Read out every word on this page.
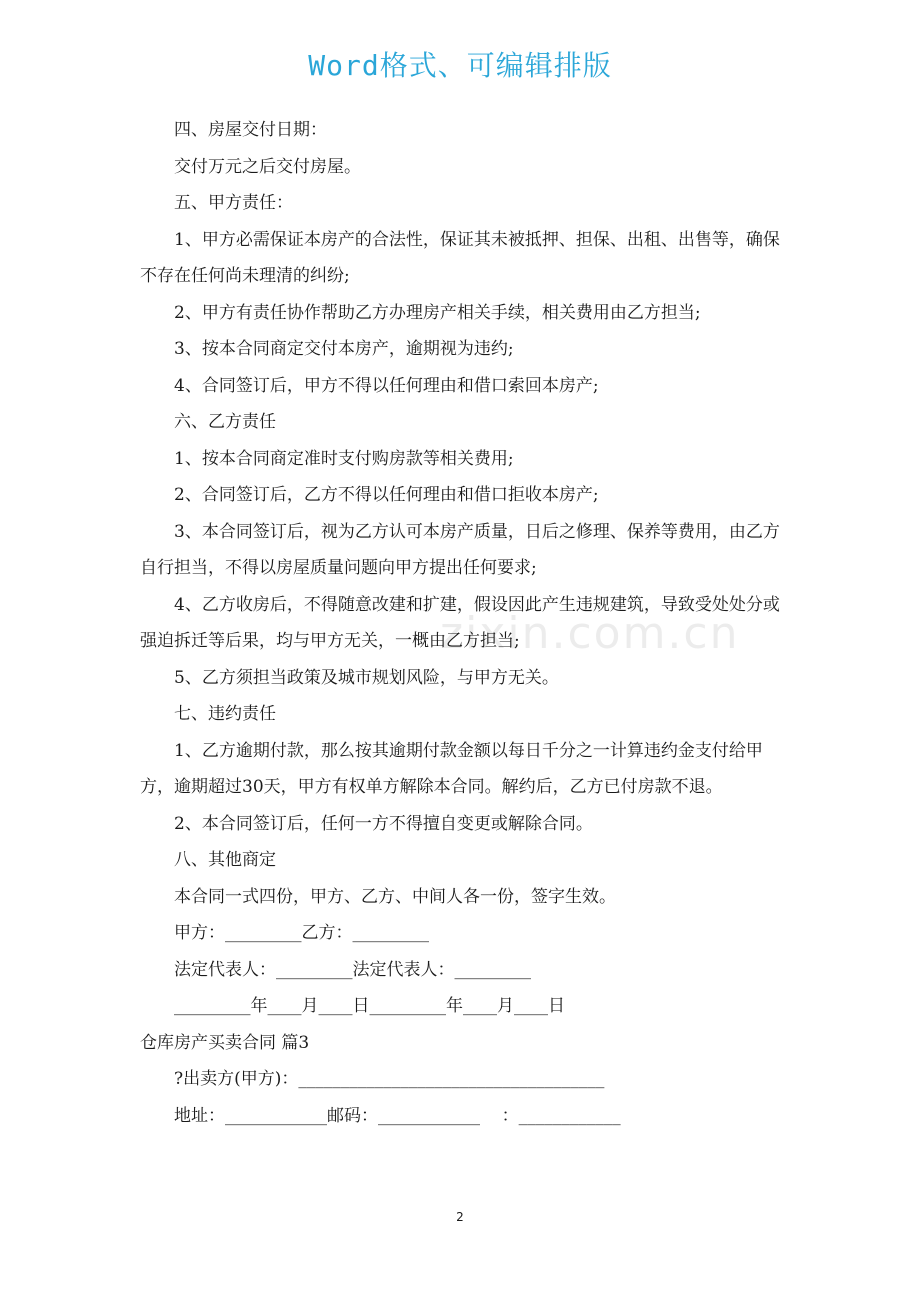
Word格式、可编辑排版
zixin.com.cn

四、房屋交付日期：

交付万元之后交付房屋。

五、甲方责任：

1、甲方必需保证本房产的合法性，保证其未被抵押、担保、出租、出售等，确保不存在任何尚未理清的纠纷;

2、甲方有责任协作帮助乙方办理房产相关手续，相关费用由乙方担当;

3、按本合同商定交付本房产，逾期视为违约;

4、合同签订后，甲方不得以任何理由和借口索回本房产;

六、乙方责任

1、按本合同商定准时支付购房款等相关费用;

2、合同签订后，乙方不得以任何理由和借口拒收本房产;

3、本合同签订后，视为乙方认可本房产质量，日后之修理、保养等费用，由乙方自行担当，不得以房屋质量问题向甲方提出任何要求;

4、乙方收房后，不得随意改建和扩建，假设因此产生违规建筑，导致受处处分或强迫拆迁等后果，均与甲方无关，一概由乙方担当;

5、乙方须担当政策及城市规划风险，与甲方无关。

七、违约责任

1、乙方逾期付款，那么按其逾期付款金额以每日千分之一计算违约金支付给甲方，逾期超过30天，甲方有权单方解除本合同。解约后，乙方已付房款不退。

2、本合同签订后，任何一方不得擅自变更或解除合同。

八、其他商定

本合同一式四份，甲方、乙方、中间人各一份，签字生效。

甲方：_________乙方：_________

法定代表人：_________法定代表人：_________

_________年____月____日_________年____月____日

仓库房产买卖合同 篇3

?出卖方(甲方)：____________________________________

地址：____________邮码：____________    ：____________

2
